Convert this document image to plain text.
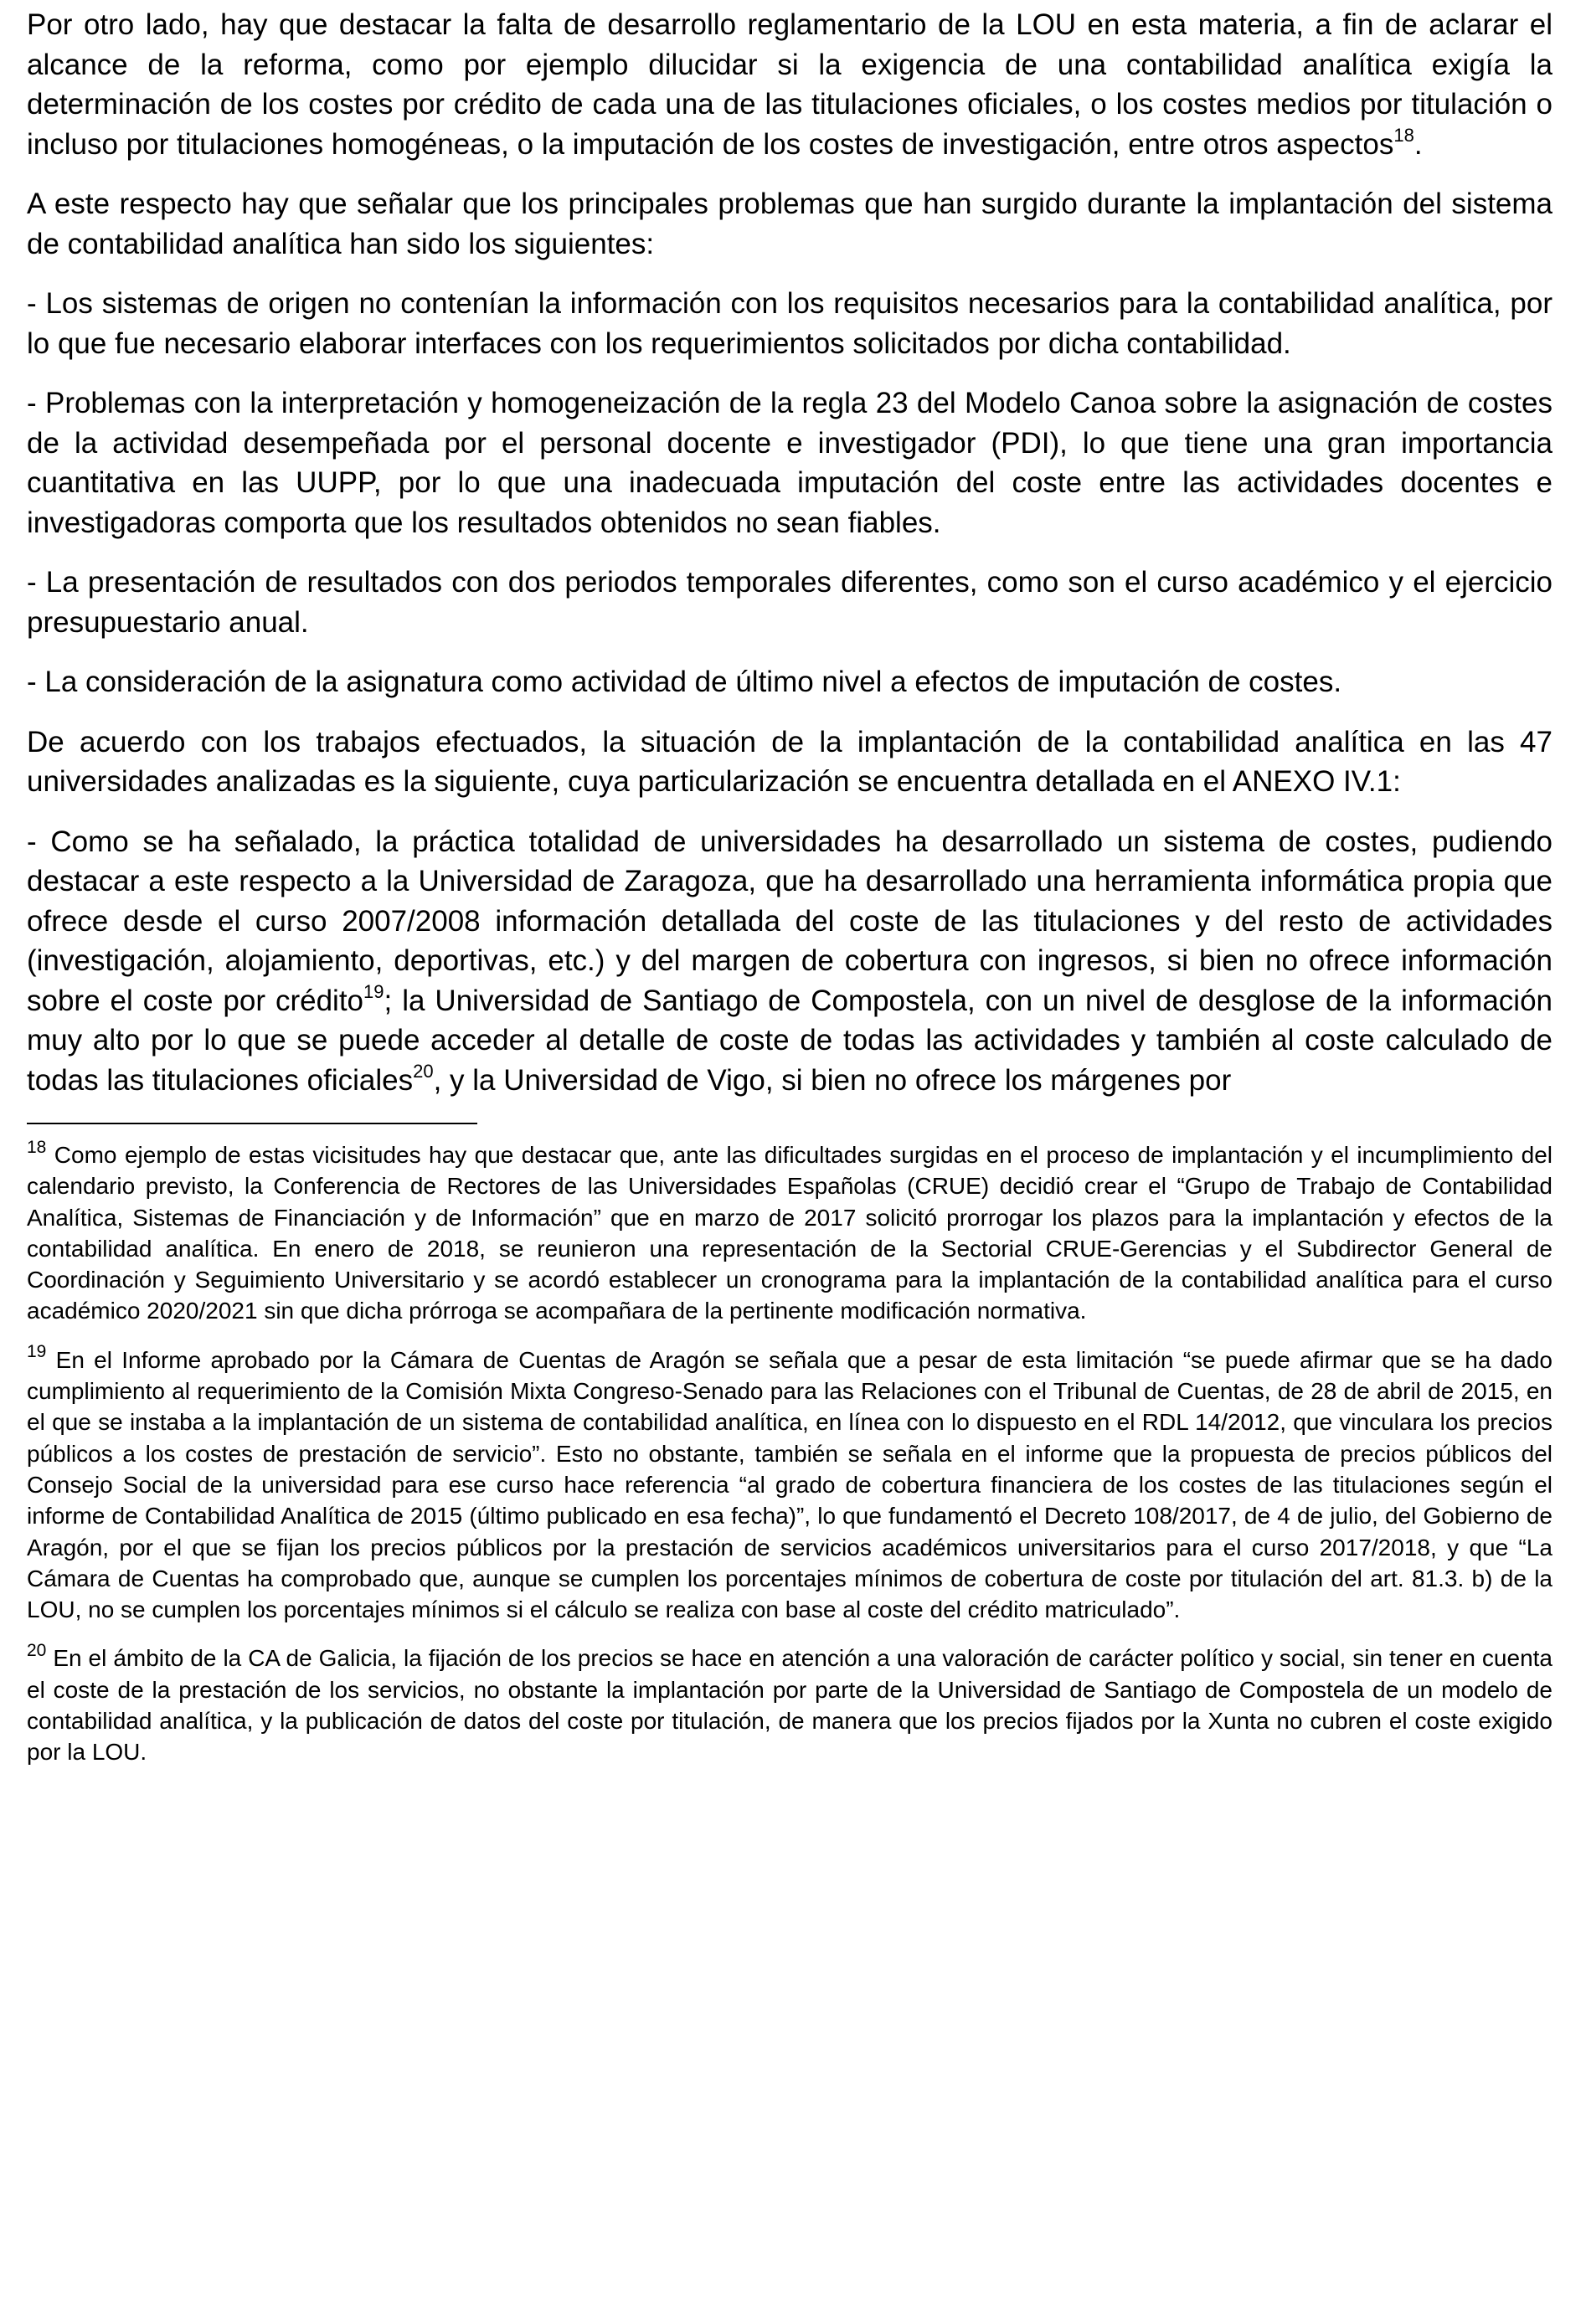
Por otro lado, hay que destacar la falta de desarrollo reglamentario de la LOU en esta materia, a fin de aclarar el alcance de la reforma, como por ejemplo dilucidar si la exigencia de una contabilidad analítica exigía la determinación de los costes por crédito de cada una de las titulaciones oficiales, o los costes medios por titulación o incluso por titulaciones homogéneas, o la imputación de los costes de investigación, entre otros aspectos$^{18}$.

A este respecto hay que señalar que los principales problemas que han surgido durante la implantación del sistema de contabilidad analítica han sido los siguientes:

- Los sistemas de origen no contenían la información con los requisitos necesarios para la contabilidad analítica, por lo que fue necesario elaborar interfaces con los requerimientos solicitados por dicha contabilidad.

- Problemas con la interpretación y homogeneización de la regla 23 del Modelo Canoa sobre la asignación de costes de la actividad desempeñada por el personal docente e investigador (PDI), lo que tiene una gran importancia cuantitativa en las UUPP, por lo que una inadecuada imputación del coste entre las actividades docentes e investigadoras comporta que los resultados obtenidos no sean fiables.

- La presentación de resultados con dos periodos temporales diferentes, como son el curso académico y el ejercicio presupuestario anual.

- La consideración de la asignatura como actividad de último nivel a efectos de imputación de costes.

De acuerdo con los trabajos efectuados, la situación de la implantación de la contabilidad analítica en las 47 universidades analizadas es la siguiente, cuya particularización se encuentra detallada en el ANEXO IV.1:

- Como se ha señalado, la práctica totalidad de universidades ha desarrollado un sistema de costes, pudiendo destacar a este respecto a la Universidad de Zaragoza, que ha desarrollado una herramienta informática propia que ofrece desde el curso 2007/2008 información detallada del coste de las titulaciones y del resto de actividades (investigación, alojamiento, deportivas, etc.) y del margen de cobertura con ingresos, si bien no ofrece información sobre el coste por crédito$^{19}$; la Universidad de Santiago de Compostela, con un nivel de desglose de la información muy alto por lo que se puede acceder al detalle de coste de todas las actividades y también al coste calculado de todas las titulaciones oficiales$^{20}$, y la Universidad de Vigo, si bien no ofrece los márgenes por

$^{18}$ Como ejemplo de estas vicisitudes hay que destacar que, ante las dificultades surgidas en el proceso de implantación y el incumplimiento del calendario previsto, la Conferencia de Rectores de las Universidades Españolas (CRUE) decidió crear el “Grupo de Trabajo de Contabilidad Analítica, Sistemas de Financiación y de Información” que en marzo de 2017 solicitó prorrogar los plazos para la implantación y efectos de la contabilidad analítica. En enero de 2018, se reunieron una representación de la Sectorial CRUE-Gerencias y el Subdirector General de Coordinación y Seguimiento Universitario y se acordó establecer un cronograma para la implantación de la contabilidad analítica para el curso académico 2020/2021 sin que dicha prórroga se acompañara de la pertinente modificación normativa.

$^{19}$ En el Informe aprobado por la Cámara de Cuentas de Aragón se señala que a pesar de esta limitación “se puede afirmar que se ha dado cumplimiento al requerimiento de la Comisión Mixta Congreso-Senado para las Relaciones con el Tribunal de Cuentas, de 28 de abril de 2015, en el que se instaba a la implantación de un sistema de contabilidad analítica, en línea con lo dispuesto en el RDL 14/2012, que vinculara los precios públicos a los costes de prestación de servicio”. Esto no obstante, también se señala en el informe que la propuesta de precios públicos del Consejo Social de la universidad para ese curso hace referencia “al grado de cobertura financiera de los costes de las titulaciones según el informe de Contabilidad Analítica de 2015 (último publicado en esa fecha)”, lo que fundamentó el Decreto 108/2017, de 4 de julio, del Gobierno de Aragón, por el que se fijan los precios públicos por la prestación de servicios académicos universitarios para el curso 2017/2018, y que “La Cámara de Cuentas ha comprobado que, aunque se cumplen los porcentajes mínimos de cobertura de coste por titulación del art. 81.3. b) de la LOU, no se cumplen los porcentajes mínimos si el cálculo se realiza con base al coste del crédito matriculado”.

$^{20}$ En el ámbito de la CA de Galicia, la fijación de los precios se hace en atención a una valoración de carácter político y social, sin tener en cuenta el coste de la prestación de los servicios, no obstante la implantación por parte de la Universidad de Santiago de Compostela de un modelo de contabilidad analítica, y la publicación de datos del coste por titulación, de manera que los precios fijados por la Xunta no cubren el coste exigido por la LOU.
